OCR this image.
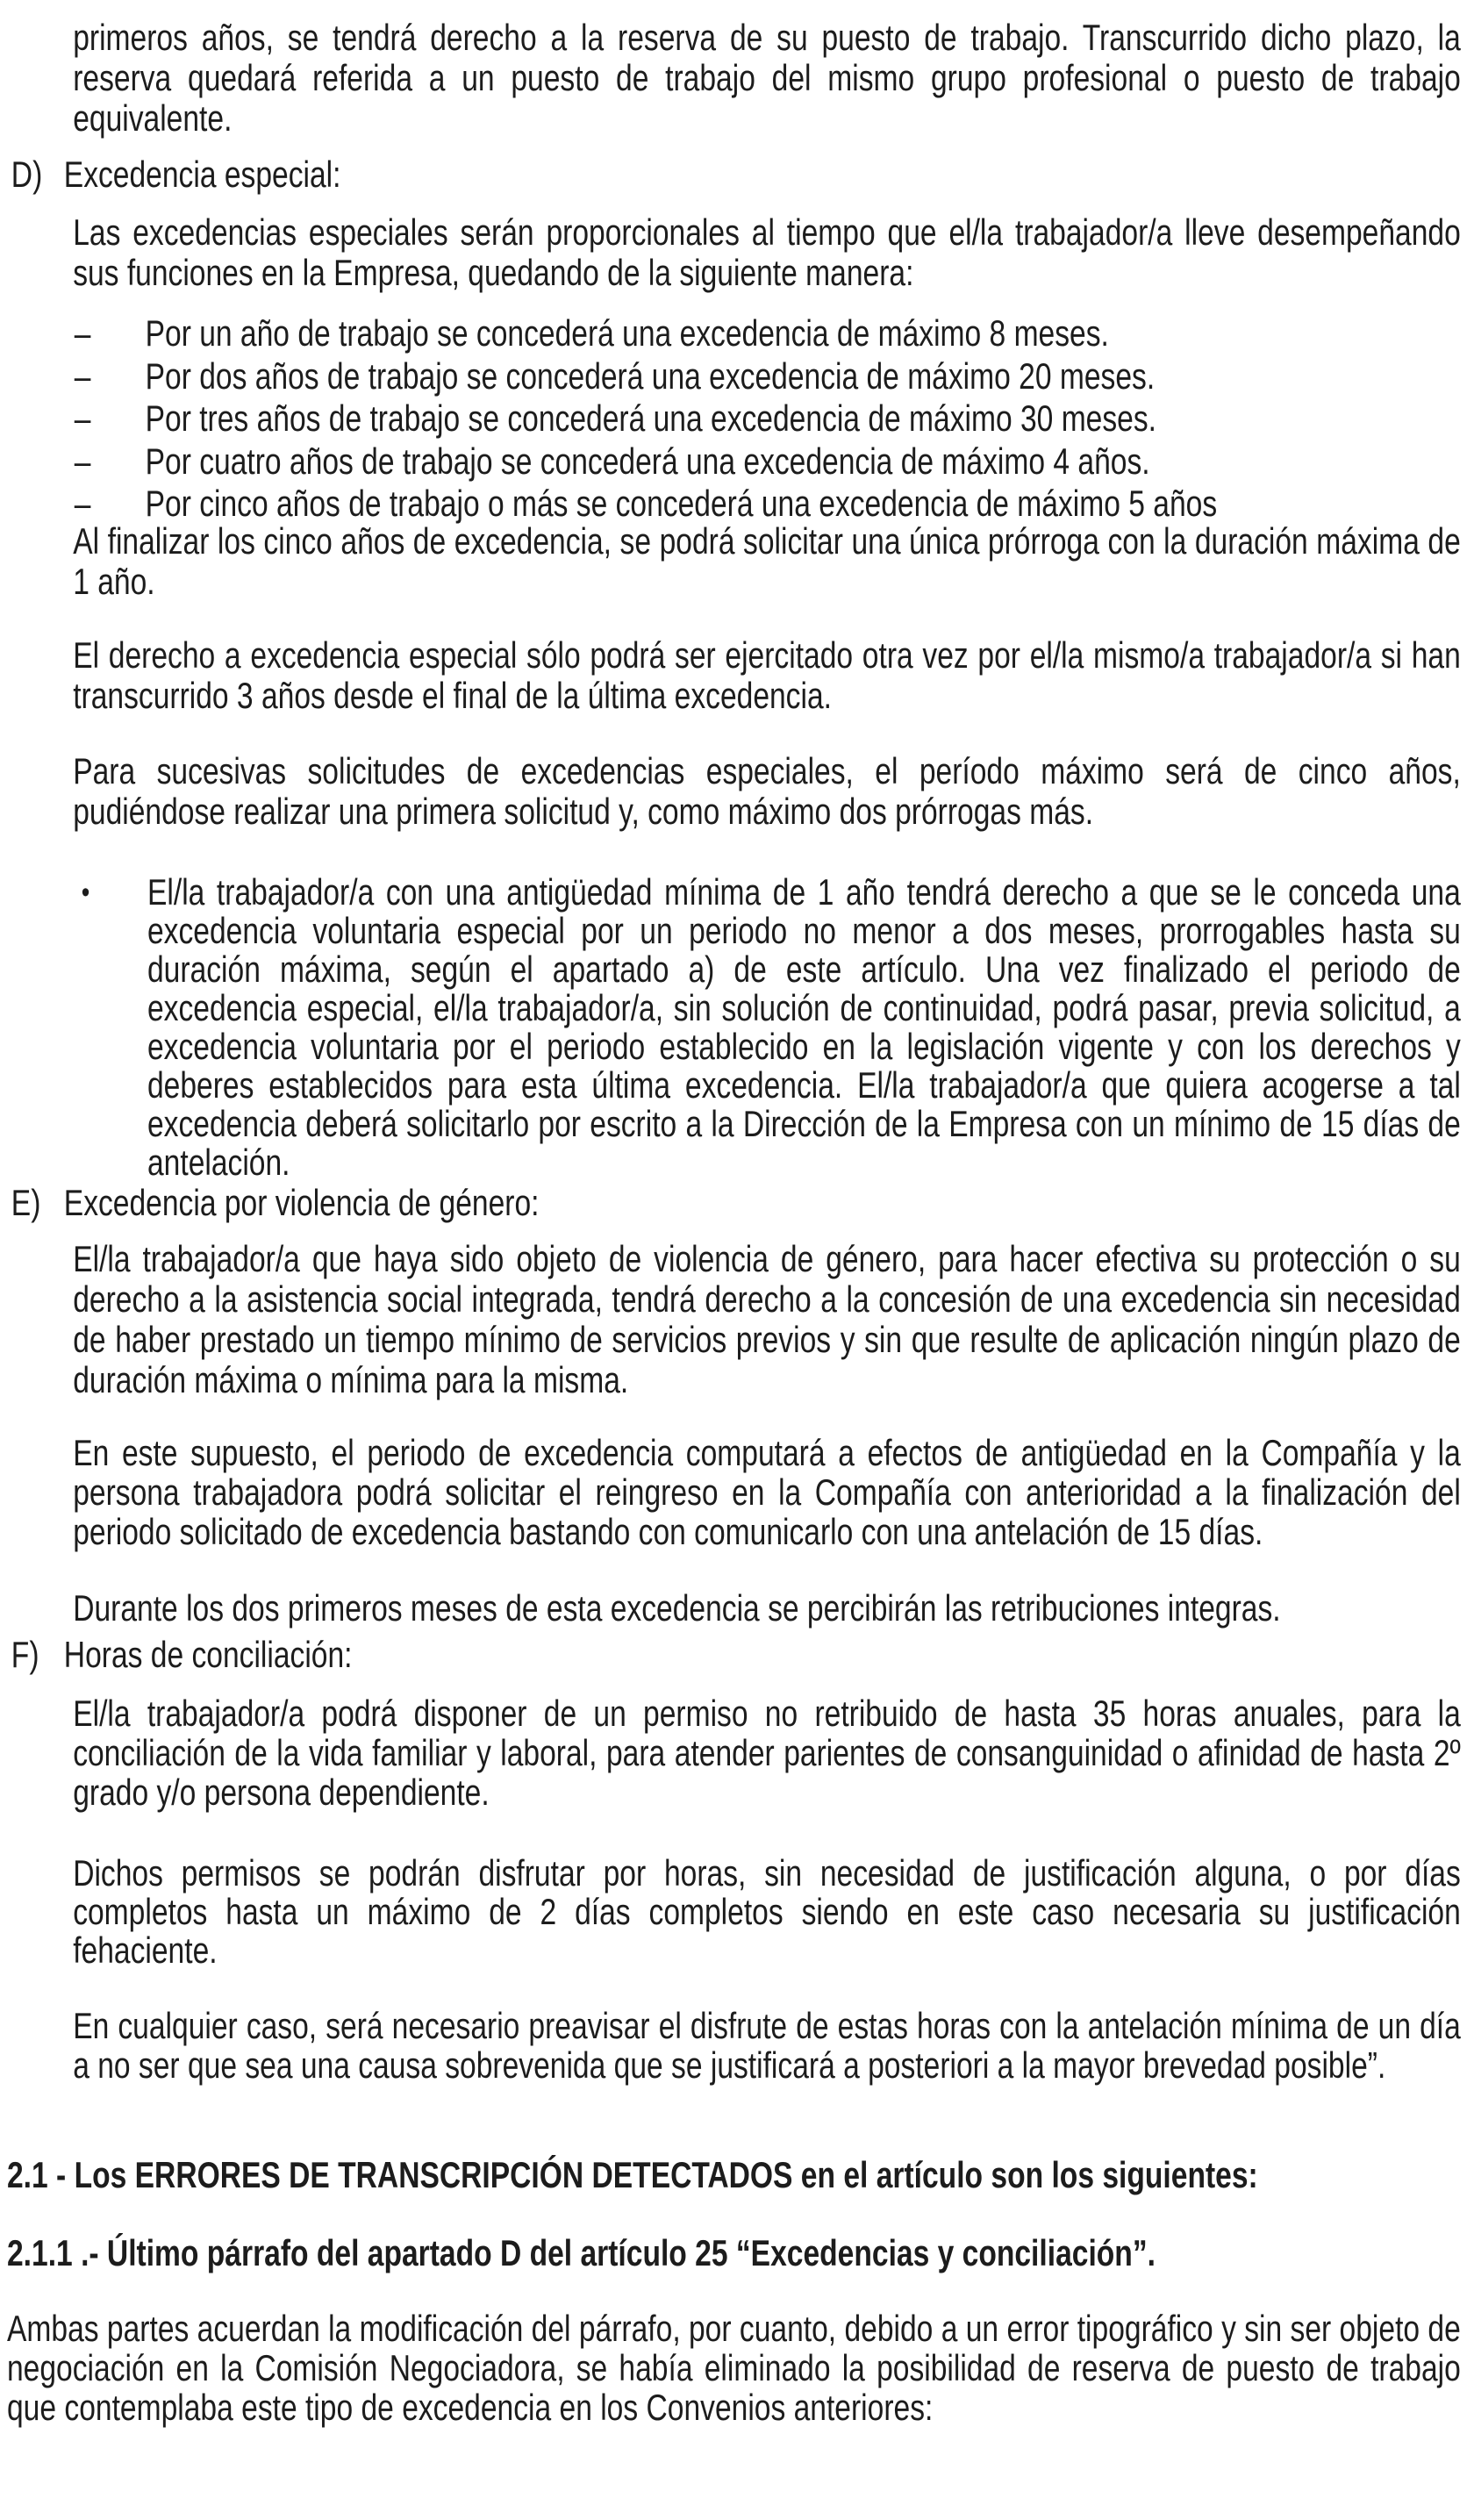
primeros años, se tendrá derecho a la reserva de su puesto de trabajo. Transcurrido dicho plazo, la reserva quedará referida a un puesto de trabajo del mismo grupo profesional o puesto de trabajo equivalente.
D) Excedencia especial:
Las excedencias especiales serán proporcionales al tiempo que el/la trabajador/a lleve desempeñando sus funciones en la Empresa, quedando de la siguiente manera:
–	Por un año de trabajo se concederá una excedencia de máximo 8 meses.
–	Por dos años de trabajo se concederá una excedencia de máximo 20 meses.
–	Por tres años de trabajo se concederá una excedencia de máximo 30 meses.
–	Por cuatro años de trabajo se concederá una excedencia de máximo 4 años.
–	Por cinco años de trabajo o más se concederá una excedencia de máximo 5 años
Al finalizar los cinco años de excedencia, se podrá solicitar una única prórroga con la duración máxima de 1 año.
El derecho a excedencia especial sólo podrá ser ejercitado otra vez por el/la mismo/a trabajador/a si han transcurrido 3 años desde el final de la última excedencia.
Para sucesivas solicitudes de excedencias especiales, el período máximo será de cinco años, pudiéndose realizar una primera solicitud y, como máximo dos prórrogas más.
•	El/la trabajador/a con una antigüedad mínima de 1 año tendrá derecho a que se le conceda una excedencia voluntaria especial por un periodo no menor a dos meses, prorrogables hasta su duración máxima, según el apartado a) de este artículo. Una vez finalizado el periodo de excedencia especial, el/la trabajador/a, sin solución de continuidad, podrá pasar, previa solicitud, a excedencia voluntaria por el periodo establecido en la legislación vigente y con los derechos y deberes establecidos para esta última excedencia. El/la trabajador/a que quiera acogerse a tal excedencia deberá solicitarlo por escrito a la Dirección de la Empresa con un mínimo de 15 días de antelación.
E) Excedencia por violencia de género:
El/la trabajador/a que haya sido objeto de violencia de género, para hacer efectiva su protección o su derecho a la asistencia social integrada, tendrá derecho a la concesión de una excedencia sin necesidad de haber prestado un tiempo mínimo de servicios previos y sin que resulte de aplicación ningún plazo de duración máxima o mínima para la misma.
En este supuesto, el periodo de excedencia computará a efectos de antigüedad en la Compañía y la persona trabajadora podrá solicitar el reingreso en la Compañía con anterioridad a la finalización del periodo solicitado de excedencia bastando con comunicarlo con una antelación de 15 días.
Durante los dos primeros meses de esta excedencia se percibirán las retribuciones integras.
F) Horas de conciliación:
El/la trabajador/a podrá disponer de un permiso no retribuido de hasta 35 horas anuales, para la conciliación de la vida familiar y laboral, para atender parientes de consanguinidad o afinidad de hasta 2º grado y/o persona dependiente.
Dichos permisos se podrán disfrutar por horas, sin necesidad de justificación alguna, o por días completos hasta un máximo de 2 días completos siendo en este caso necesaria su justificación fehaciente.
En cualquier caso, será necesario preavisar el disfrute de estas horas con la antelación mínima de un día a no ser que sea una causa sobrevenida que se justificará a posteriori a la mayor brevedad posible”.
2.1 - Los ERRORES DE TRANSCRIPCIÓN DETECTADOS en el artículo son los siguientes:
2.1.1 .- Último párrafo del apartado D del artículo 25 “Excedencias y conciliación”.
Ambas partes acuerdan la modificación del párrafo, por cuanto, debido a un error tipográfico y sin ser objeto de negociación en la Comisión Negociadora, se había eliminado la posibilidad de reserva de puesto de trabajo que contemplaba este tipo de excedencia en los Convenios anteriores:
